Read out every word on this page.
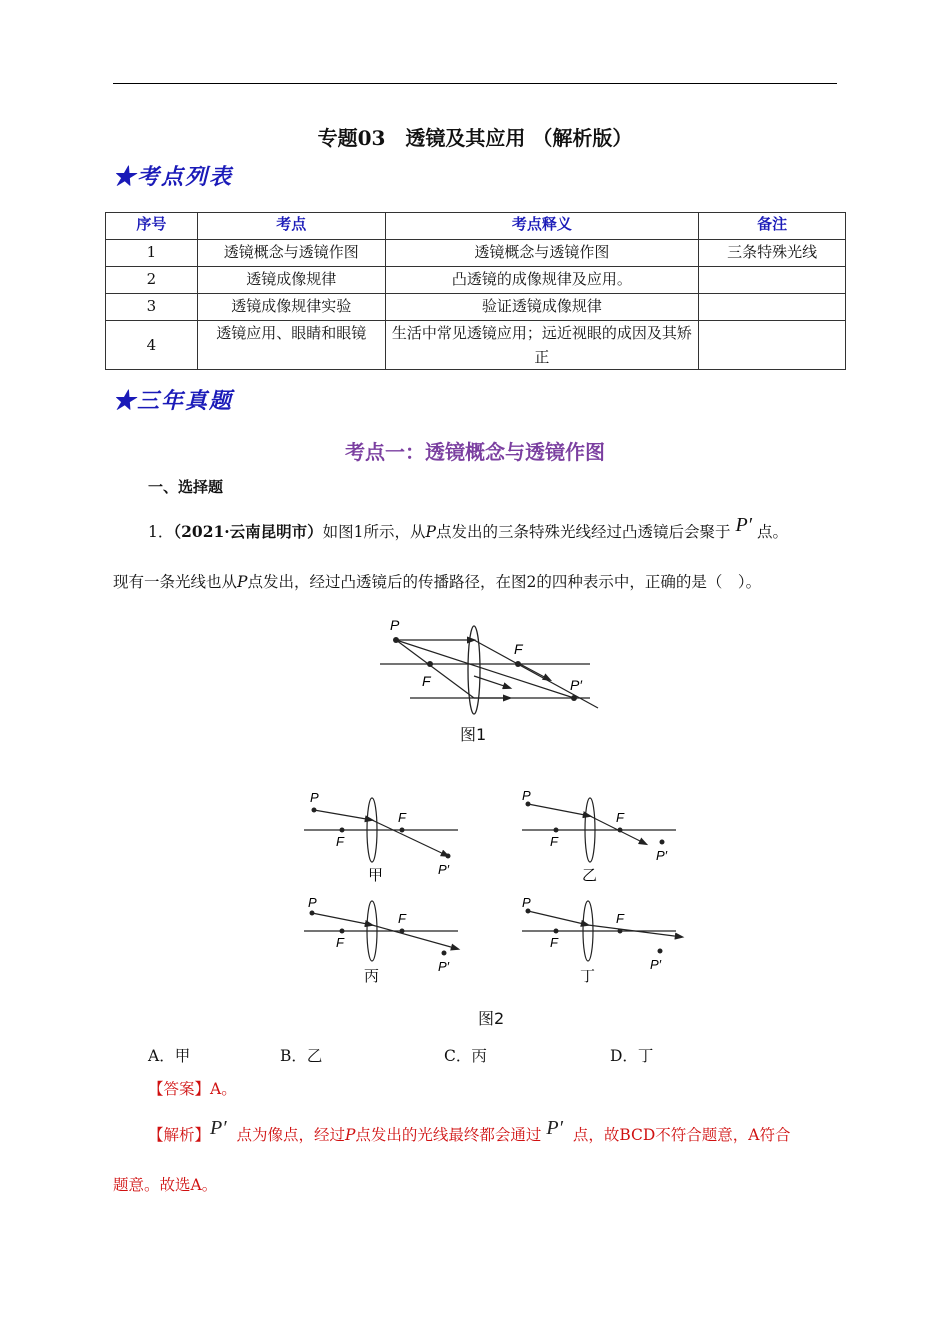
专题03　透镜及其应用 （解析版）
★考点列表
序号	考点	考点释义	备注
1	透镜概念与透镜作图	透镜概念与透镜作图	三条特殊光线
2	透镜成像规律	凸透镜的成像规律及应用。	
3	透镜成像规律实验	验证透镜成像规律	
4	透镜应用、眼睛和眼镜	生活中常见透镜应用；远近视眼的成因及其矫正	
★三年真题
考点一：透镜概念与透镜作图
一、选择题
1．（2021·云南昆明市）如图1所示，从P点发出的三条特殊光线经过凸透镜后会聚于 P′ 点。
现有一条光线也从P点发出，经过凸透镜后的传播路径，在图2的四种表示中，正确的是（　）。
P
F
F
P′
图1
P
F
F
P′
甲
P
F
F
P′
乙
P
F
F
P′
丙
P
F
F
P′
丁
图2
A．甲	B．乙	C．丙	D．丁
【答案】A。
【解析】P′ 点为像点，经过P点发出的光线最终都会通过 P′ 点，故BCD不符合题意，A符合
题意。故选A。
